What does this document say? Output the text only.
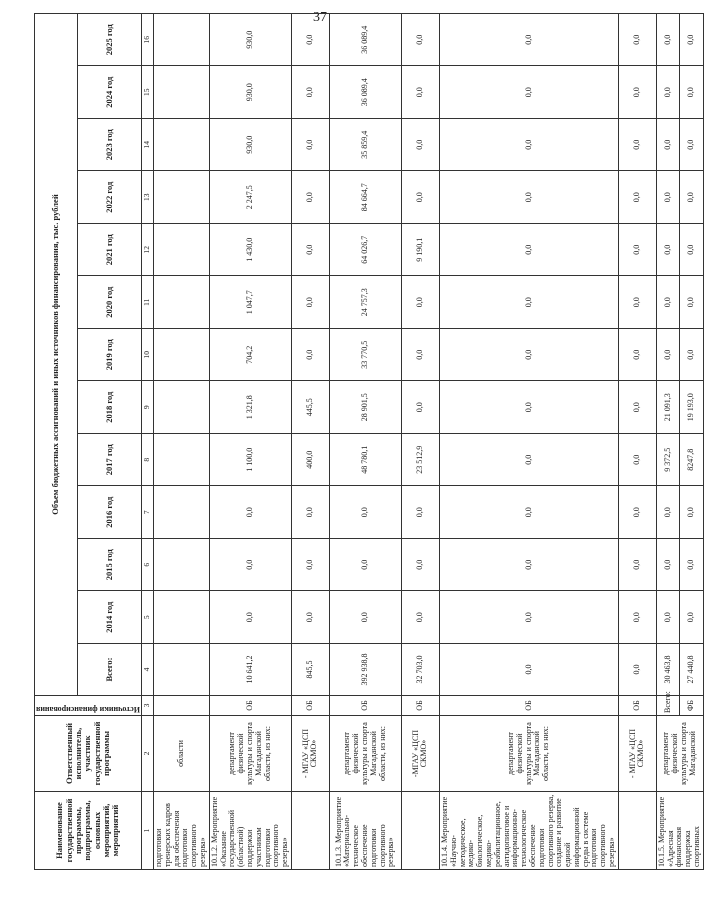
37
Наименование государственной программы, подпрограммы, основных мероприятий, мероприятий	Ответственный исполнитель, участник государственной программы	Источники финансирования	Объем бюджетных ассигнований и иных источников финансирования, тыс. рублей												
			Всего:	2014 год	2015 год	2016 год	2017 год	2018 год	2019 год	2020 год	2021 год	2022 год	2023 год	2024 год	2025 год
1	2	3	4	5	6	7	8	9	10	11	12	13	14	15	16
подготовки тренерских кадров для обеспечения подготовки спортивного резерва»	области														
10.1.2. Мероприятие «Оказание государственной (областной) поддержки участникам подготовки спортивного резерва»	департамент физической культуры и спорта Магаданской области, из них:	ОБ	10 641,2	0,0	0,0	0,0	1 100,0	1 321,8	704,2	1 047,7	1 430,0	2 247,5	930,0	930,0	930,0
	- МГАУ «ЦСП СКМО»	ОБ	845,5	0,0	0,0	0,0	400,0	445,5	0,0	0,0	0,0	0,0	0,0	0,0	0,0
10.1.3. Мероприятие «Материально-техническое обеспечение подготовки спортивного резерва»	департамент физической культуры и спорта Магаданской области, из них:	ОБ	392 938,8	0,0	0,0	0,0	48 780,1	28 901,5	33 770,5	24 757,3	64 026,7	84 664,7	35 859,4	36 089,4	36 089,4
	-МГАУ «ЦСП СКМО»	ОБ	32 703,0	0,0	0,0	0,0	23 512,9	0,0	0,0	0,0	9 190,1	0,0	0,0	0,0	0,0
10.1.4. Мероприятие «Научно-методическое, медико-биологическое, медико-реабилитационное, антидопинговое и информационно-технологическое обеспечение подготовки спортивного резерва, создание и развитие единой информационной среды в системе подготовки спортивного резерва»	департамент физической культуры и спорта Магаданской области, из них:	ОБ	0,0	0,0	0,0	0,0	0,0	0,0	0,0	0,0	0,0	0,0	0,0	0,0	0,0
	- МГАУ «ЦСП СКМО»	ОБ	0,0	0,0	0,0	0,0	0,0	0,0	0,0	0,0	0,0	0,0	0,0	0,0	0,0
10.1.5. Мероприятие «Адресная финансовая поддержка спортивных	департамент физической культуры и спорта Магаданской	Всего:	30 463,8	0,0	0,0	0,0	9 372,5	21 091,3	0,0	0,0	0,0	0,0	0,0	0,0	0,0
		ФБ	27 440,8	0,0	0,0	0,0	8247,8	19 193,0	0,0	0,0	0,0	0,0	0,0	0,0	0,0
